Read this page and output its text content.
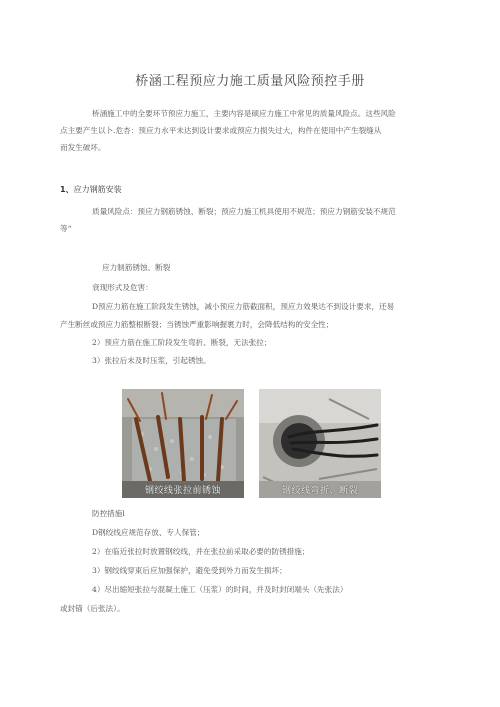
桥涵工程预应力施工质量风险预控手册
桥涵施工中的全要环节预应力施工，主要内容是硕应力施工中常见的质量风险点。这些风险
点主要产生以卜.危杏：预应力水平未达到设计要求或预应力损失过大，构件在使用中产生裂缝从
而发生破坏。
1、应力钢筋安装
质量风险点：预应力钢筋锈蚀、断裂；预应力施工机具使用不规范；预应力钢筋安装不规范
等“
应力制筋锈蚀、断裂
衰现形式及危害：
D预应力筋在施工阶段发生锈蚀，减小预应力筋截面积，预应力效果达不到设计要求，还易
产生断丝或预应力筋整根断裂；当锈蚀严重影响握裹力时，会降低结构的安全性；
2）预应力筋在施工阶段发生弯折、断裂，无法张拉；
3）张拉后未及时压浆，引起锈蚀。
钢绞线张拉前锈蚀	钢绞线弯折、断裂
防控措施l
D钢绞线应规范存放、专人保管；
2）在临近张拉时放置钢绞线，并在张拉前采取必要的防锈措施；
3）钢绞线穿束后应加强保护，避免受到外力而发生损坏；
4）尽出缩短张拉与混凝土施工（压浆）的时间，并及时封闭端头（先张法）
或封锚（后张法）。
